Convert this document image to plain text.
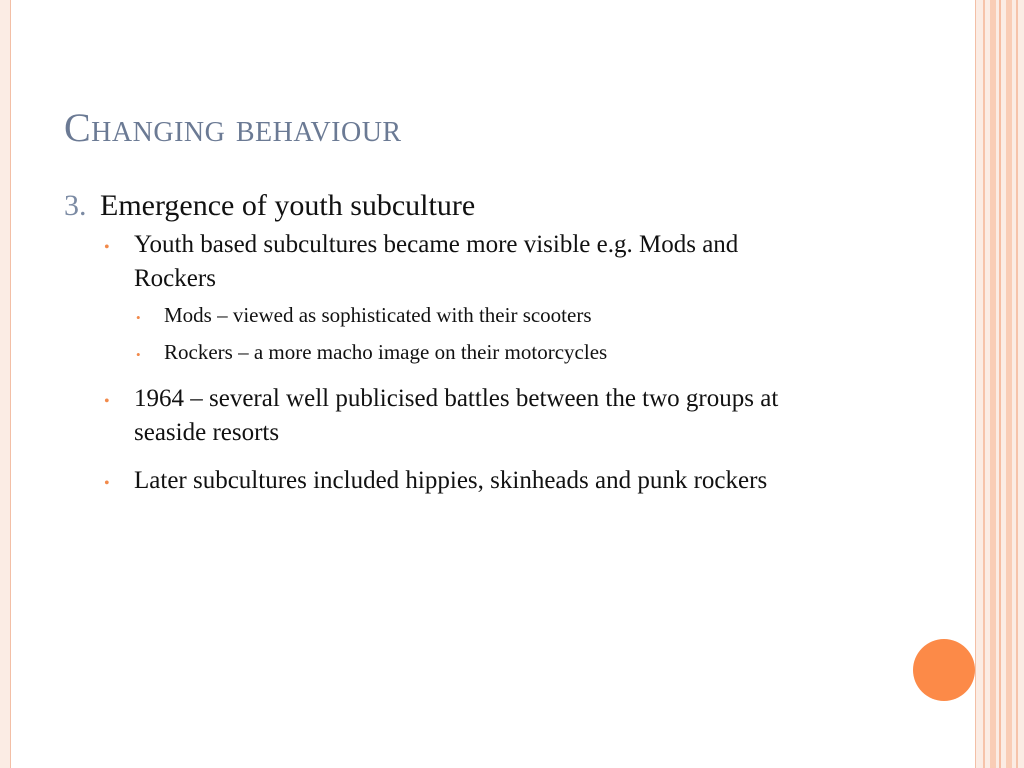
Changing behaviour
3. Emergence of youth subculture
• Youth based subcultures became more visible e.g. Mods and Rockers
•	Mods – viewed as sophisticated with their scooters
•	Rockers – a more macho image on their motorcycles
• 1964 – several well publicised battles between the two groups at seaside resorts
• Later subcultures included hippies, skinheads and punk rockers
